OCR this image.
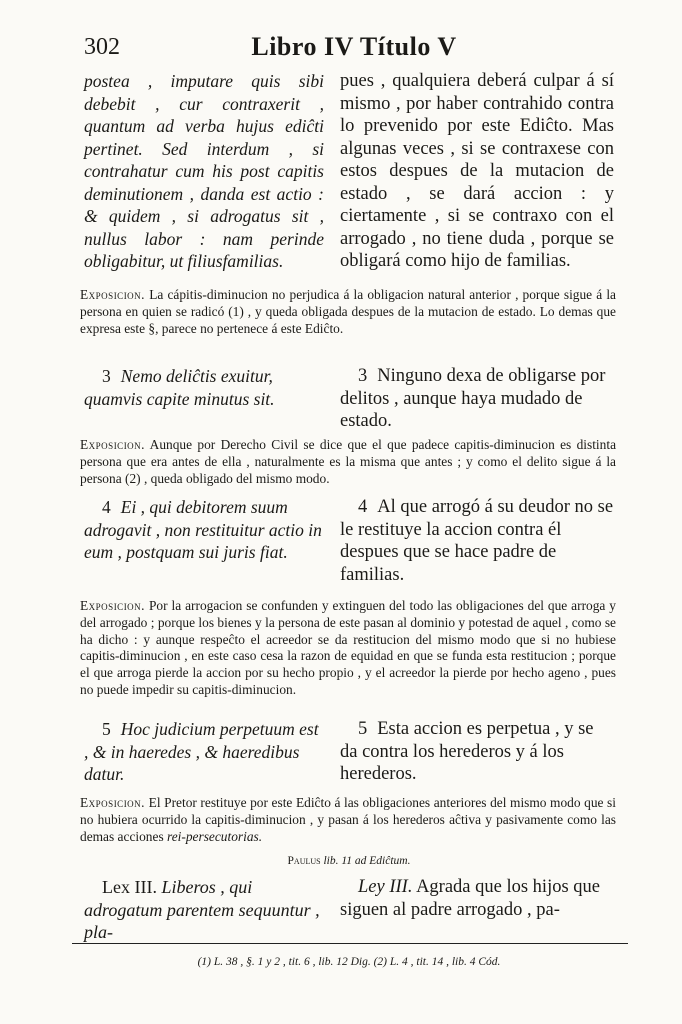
302	Libro IV Título V
postea , imputare quis sibi debebit , cur contraxerit , quantum ad verba hujus ediĉti pertinet. Sed interdum , si contrahatur cum his post capitis deminutionem , danda est actio : & quidem , si adrogatus sit , nullus labor : nam perinde obligabitur, ut filiusfamilias.
pues , qualquiera deberá culpar á sí mismo , por haber contrahido contra lo prevenido por este Ediĉto. Mas algunas veces , si se contraxese con estos despues de la mutacion de estado , se dará accion : y ciertamente , si se contraxo con el arrogado , no tiene duda , porque se obligará como hijo de familias.
Exposicion. La cápitis-diminucion no perjudica á la obligacion natural anterior , porque sigue á la persona en quien se radicó (1) , y queda obligada despues de la mutacion de estado. Lo demas que expresa este §, parece no pertenece á este Ediĉto.
3 Nemo deliĉtis exuitur, quamvis capite minutus sit.
3 Ninguno dexa de obligarse por delitos , aunque haya mudado de estado.
Exposicion. Aunque por Derecho Civil se dice que el que padece capitis-diminucion es distinta persona que era antes de ella , naturalmente es la misma que antes ; y como el delito sigue á la persona (2) , queda obligado del mismo modo.
4 Ei , qui debitorem suum adrogavit , non restituitur actio in eum , postquam sui juris fiat.
4 Al que arrogó á su deudor no se le restituye la accion contra él despues que se hace padre de familias.
Exposicion. Por la arrogacion se confunden y extinguen del todo las obligaciones del que arroga y del arrogado ; porque los bienes y la persona de este pasan al dominio y potestad de aquel , como se ha dicho : y aunque respeĉto el acreedor se da restitucion del mismo modo que si no hubiese capitis-diminucion , en este caso cesa la razon de equidad en que se funda esta restitucion ; porque el que arroga pierde la accion por su hecho propio , y el acreedor la pierde por hecho ageno , pues no puede impedir su capitis-diminucion.
5 Hoc judicium perpetuum est , & in haeredes , & haeredibus datur.
5 Esta accion es perpetua , y se da contra los herederos y á los herederos.
Exposicion. El Pretor restituye por este Ediĉto á las obligaciones anteriores del mismo modo que si no hubiera ocurrido la capitis-diminucion , y pasan á los herederos aĉtiva y pasivamente como las demas acciones rei-persecutorias.
Paulus lib. 11 ad Ediĉtum.
Lex III. Liberos , qui adrogatum parentem sequuntur , pla-
Ley III. Agrada que los hijos que siguen al padre arrogado , pa-
(1) L. 38 , §. 1 y 2 , tit. 6 , lib. 12 Dig. (2) L. 4 , tit. 14 , lib. 4 Cód.
